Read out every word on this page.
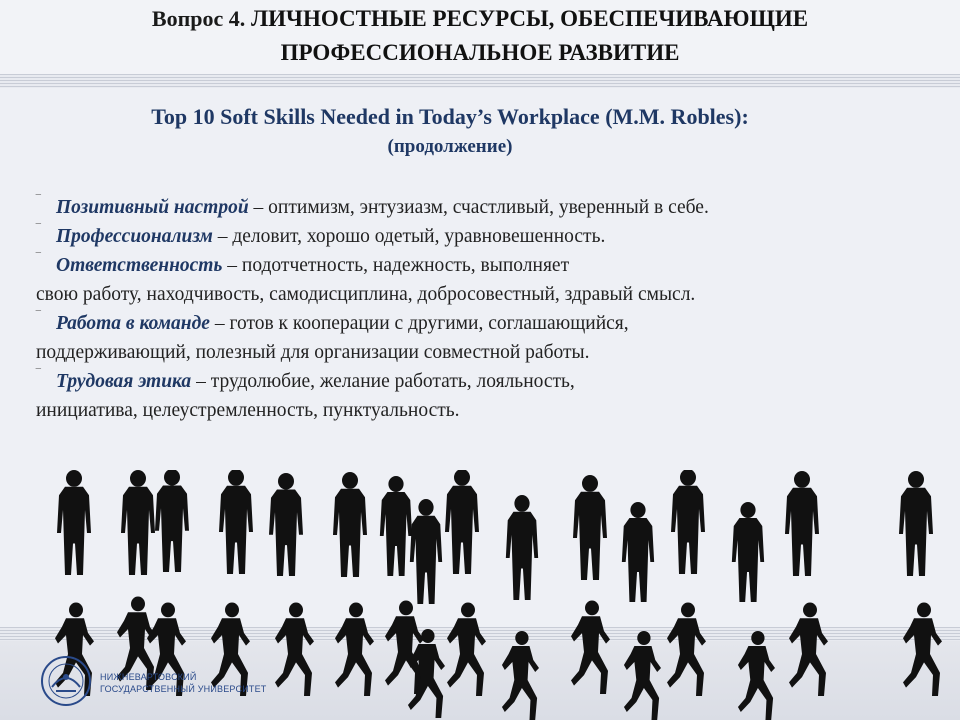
Вопрос 4. ЛИЧНОСТНЫЕ РЕСУРСЫ, ОБЕСПЕЧИВАЮЩИЕ
ПРОФЕССИОНАЛЬНОЕ РАЗВИТИЕ
Top 10 Soft Skills Needed in Today’s Workplace (M.M. Robles):
(продолжение)
‾ Позитивный настрой – оптимизм, энтузиазм, счастливый, уверенный в себе.
‾ Профессионализм – деловит, хорошо одетый, уравновешенность.
‾ Ответственность – подотчетность, надежность, выполняет
свою работу, находчивость, самодисциплина, добросовестный, здравый смысл.
‾ Работа в команде – готов к кооперации с другими, соглашающийся,
поддерживающий, полезный для организации совместной работы.
‾ Трудовая этика – трудолюбие, желание работать, лояльность,
инициатива, целеустремленность, пунктуальность.
НИЖНЕВАРТОВСКИЙ
ГОСУДАРСТВЕННЫЙ УНИВЕРСИТЕТ
